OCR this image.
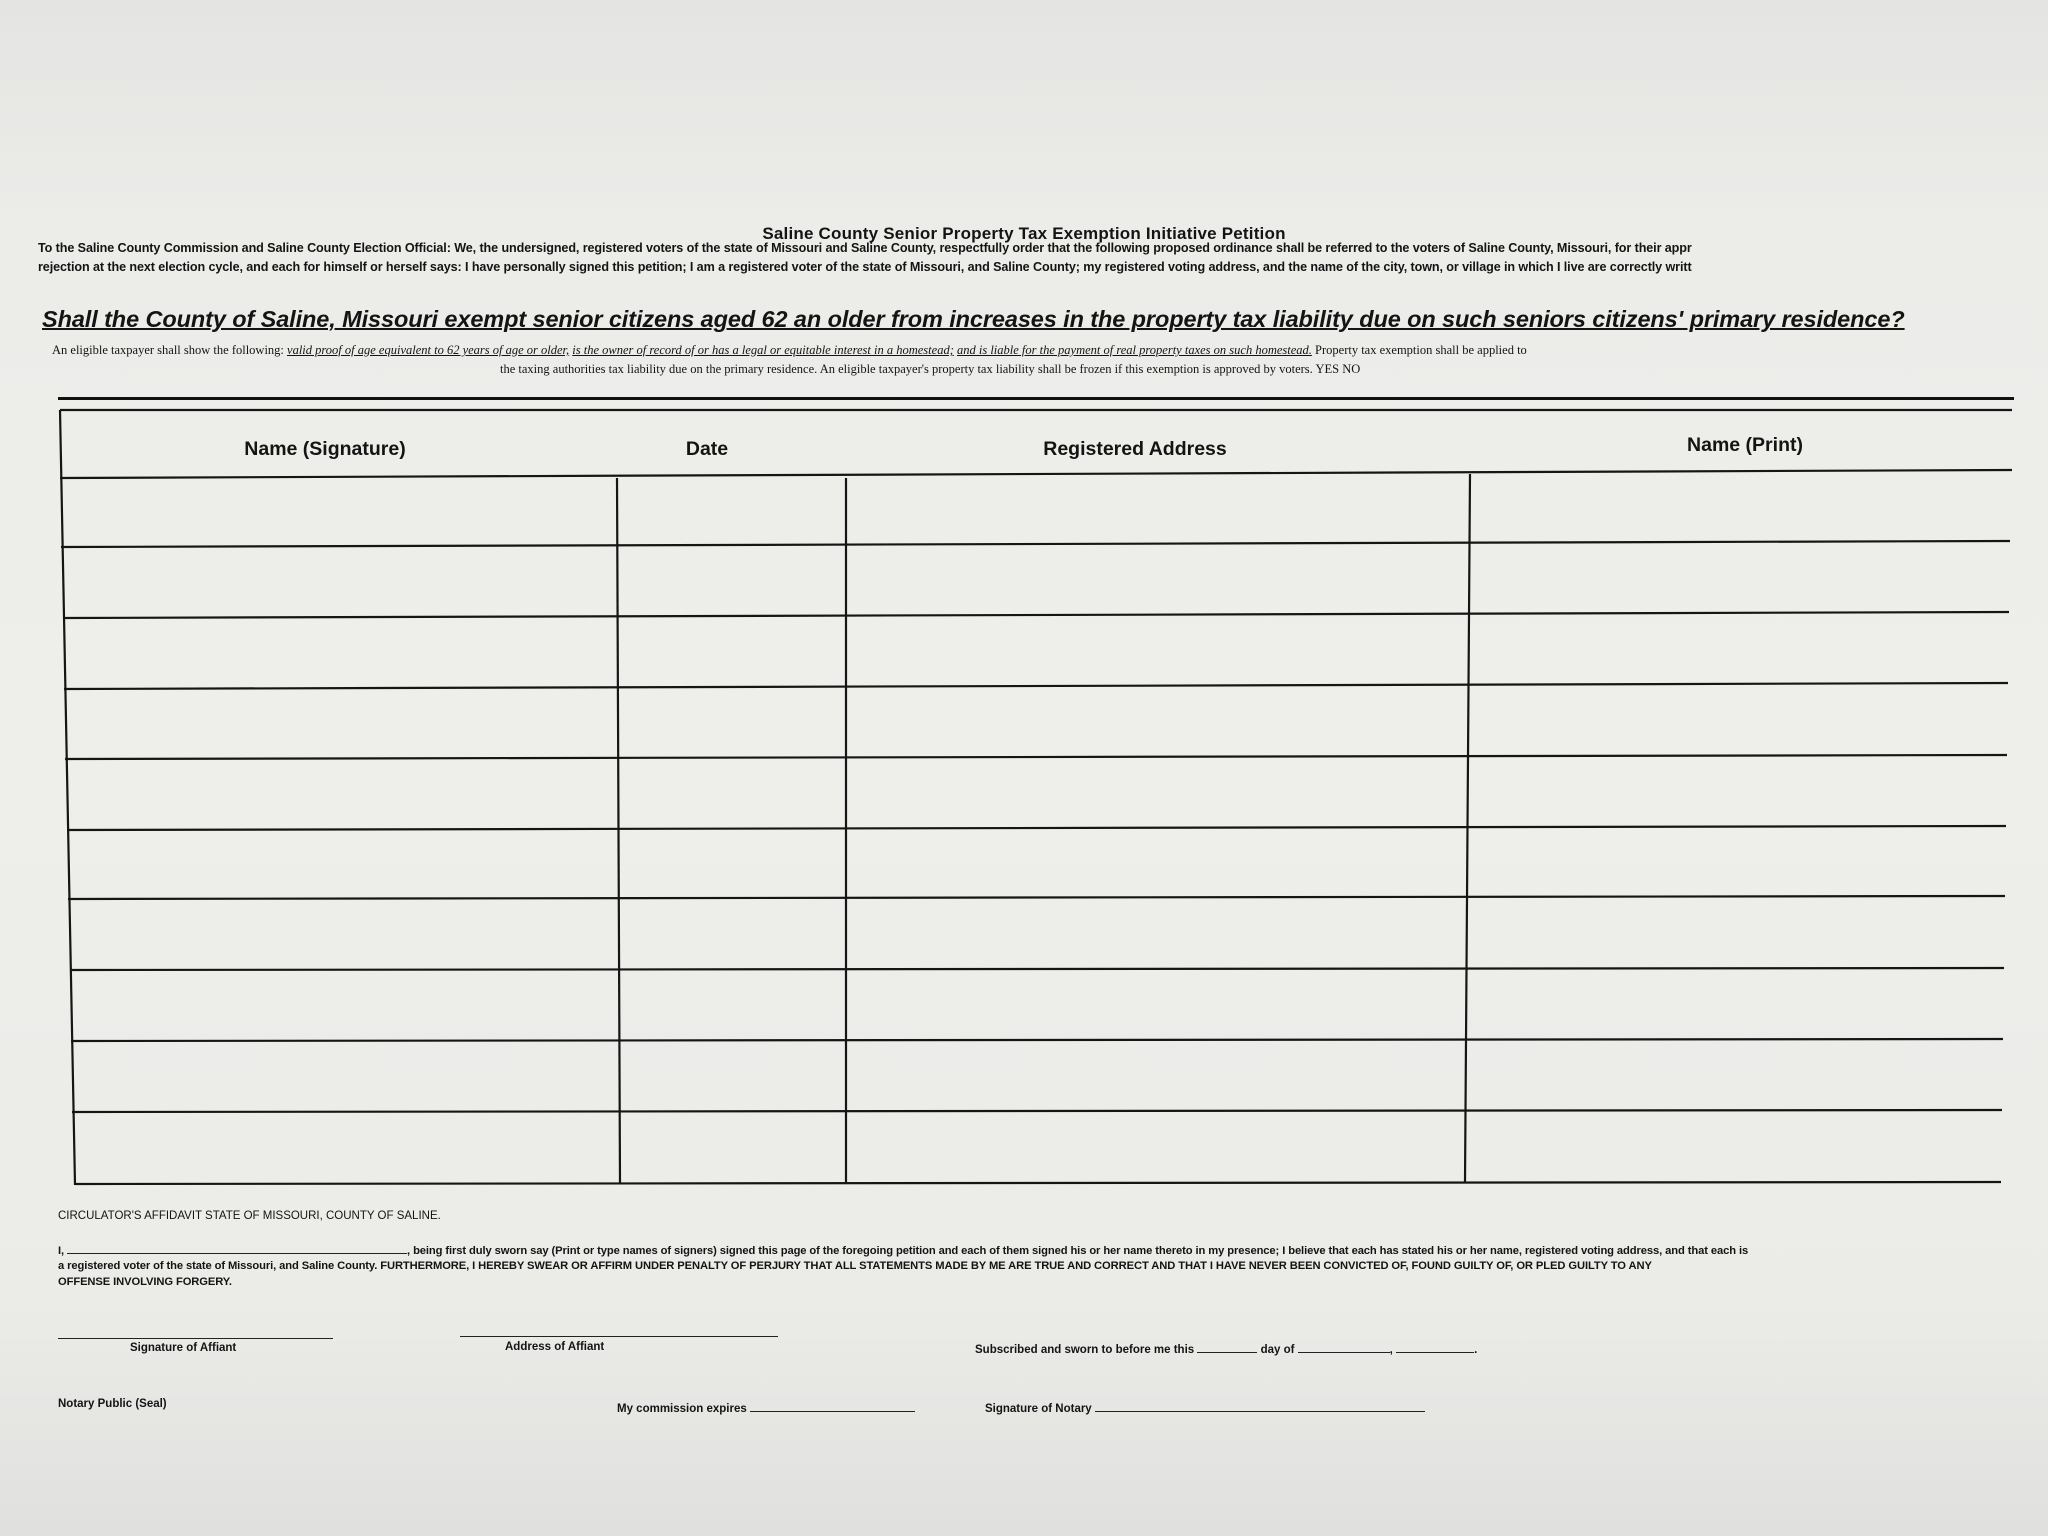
Saline County Senior Property Tax Exemption Initiative Petition
To the Saline County Commission and Saline County Election Official: We, the undersigned, registered voters of the state of Missouri and Saline County, respectfully order that the following proposed ordinance shall be referred to the voters of Saline County, Missouri, for their appr
rejection at the next election cycle, and each for himself or herself says: I have personally signed this petition; I am a registered voter of the state of Missouri, and Saline County; my registered voting address, and the name of the city, town, or village in which I live are correctly writt
Shall the County of Saline, Missouri exempt senior citizens aged 62 an older from increases in the property tax liability due on such seniors citizens' primary residence?
An eligible taxpayer shall show the following: valid proof of age equivalent to 62 years of age or older, is the owner of record of or has a legal or equitable interest in a homestead; and is liable for the payment of real property taxes on such homestead. Property tax exemption shall be applied to
the taxing authorities tax liability due on the primary residence. An eligible taxpayer's property tax liability shall be frozen if this exemption is approved by voters. YES NO
Name (Signature)	Date	Registered Address	Name (Print)
CIRCULATOR'S AFFIDAVIT STATE OF MISSOURI, COUNTY OF SALINE.
I,	, being first duly sworn say (Print or type names of signers) signed this page of the foregoing petition and each of them signed his or her name thereto in my presence; I believe that each has stated his or her name, registered voting address, and that each is
a registered voter of the state of Missouri, and Saline County. FURTHERMORE, I HEREBY SWEAR OR AFFIRM UNDER PENALTY OF PERJURY THAT ALL STATEMENTS MADE BY ME ARE TRUE AND CORRECT AND THAT I HAVE NEVER BEEN CONVICTED OF, FOUND GUILTY OF, OR PLED GUILTY TO ANY
OFFENSE INVOLVING FORGERY.
Signature of Affiant	Address of Affiant	Subscribed and sworn to before me this	day of	,	.
Notary Public (Seal)	My commission expires	Signature of Notary
